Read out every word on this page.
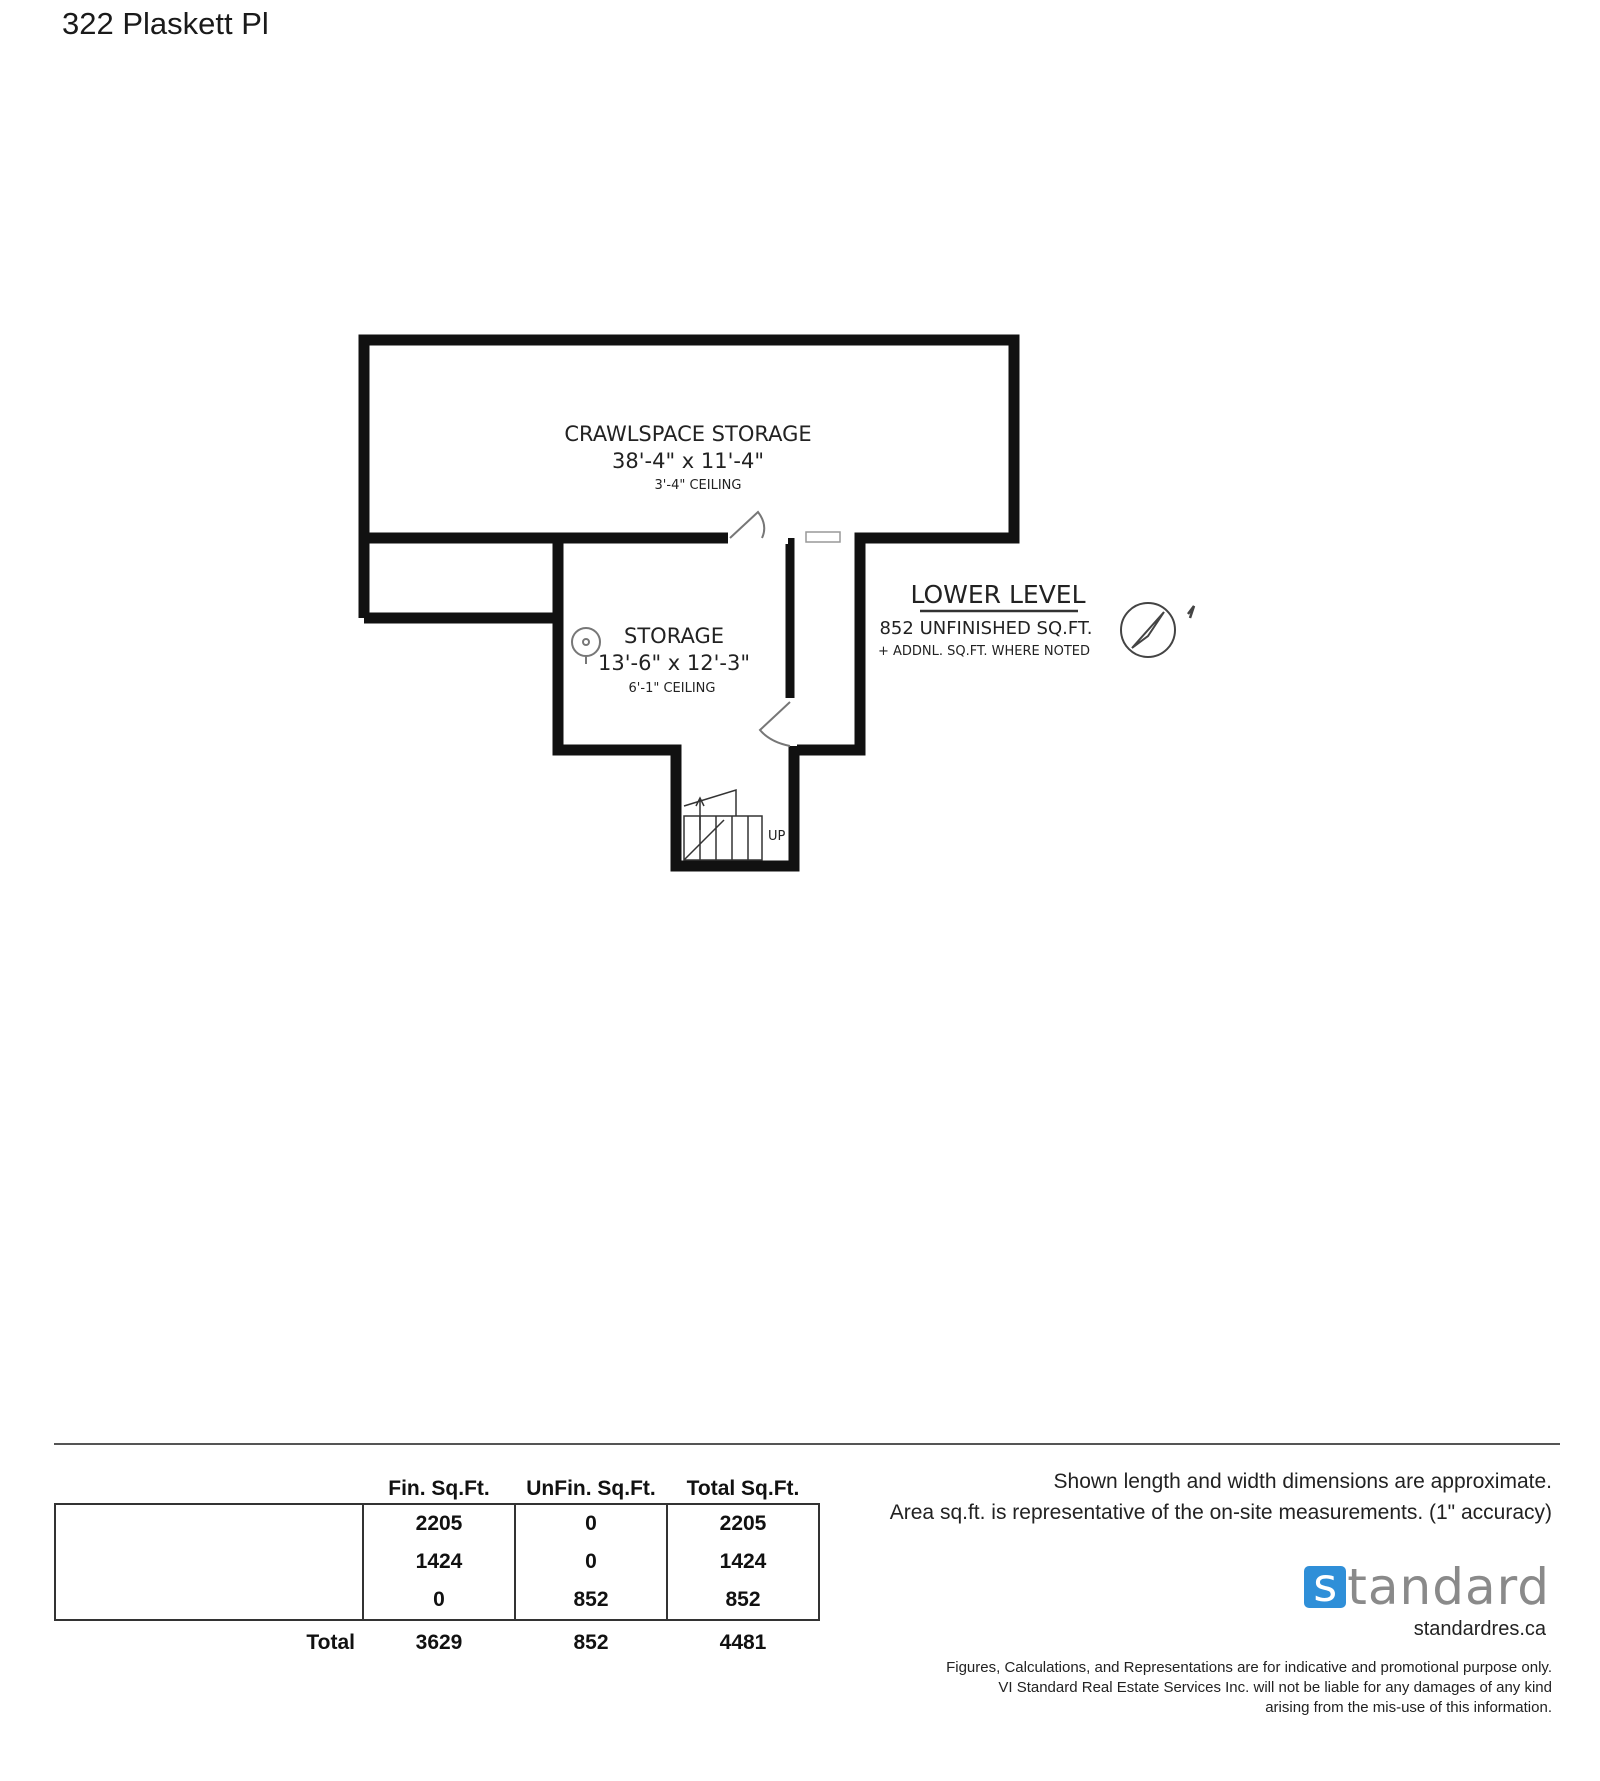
322 Plaskett Pl
UP
CRAWLSPACE STORAGE
38'-4" x 11'-4"
3'-4" CEILING
STORAGE
13'-6" x 12'-3"
6'-1" CEILING
LOWER LEVEL
852 UNFINISHED SQ.FT.
+ ADDNL. SQ.FT. WHERE NOTED
	Fin. Sq.Ft.	UnFin. Sq.Ft.	Total Sq.Ft.
	2205	0	2205
	1424	0	1424
	0	852	852
Total	3629	852	4481
Shown length and width dimensions are approximate.
Area sq.ft. is representative of the on-site measurements. (1" accuracy)
s tandard
standardres.ca
Figures, Calculations, and Representations are for indicative and promotional purpose only.
VI Standard Real Estate Services Inc. will not be liable for any damages of any kind
arising from the mis-use of this information.
